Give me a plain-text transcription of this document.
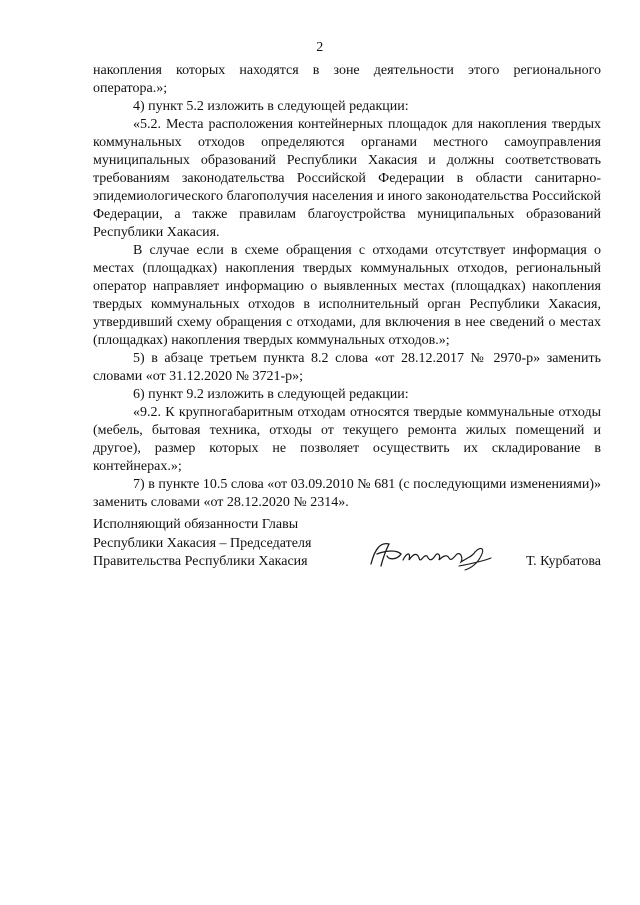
2

накопления которых находятся в зоне деятельности этого регионального оператора.»;

4) пункт 5.2 изложить в следующей редакции:

«5.2. Места расположения контейнерных площадок для накопления твердых коммунальных отходов определяются органами местного самоуправления муниципальных образований Республики Хакасия и должны соответствовать требованиям законодательства Российской Федерации в области санитарно-эпидемиологического благополучия населения и иного законодательства Российской Федерации, а также правилам благоустройства муниципальных образований Республики Хакасия.

В случае если в схеме обращения с отходами отсутствует информация о местах (площадках) накопления твердых коммунальных отходов, региональный оператор направляет информацию о выявленных местах (площадках) накопления твердых коммунальных отходов в исполнительный орган Республики Хакасия, утвердивший схему обращения с отходами, для включения в нее сведений о местах (площадках) накопления твердых коммунальных отходов.»;

5) в абзаце третьем пункта 8.2 слова «от 28.12.2017 № 2970-р» заменить словами «от 31.12.2020 № 3721-р»;

6) пункт 9.2 изложить в следующей редакции:

«9.2. К крупногабаритным отходам относятся твердые коммунальные отходы (мебель, бытовая техника, отходы от текущего ремонта жилых помещений и другое), размер которых не позволяет осуществить их складирование в контейнерах.»;

7) в пункте 10.5 слова «от 03.09.2010 № 681 (с последующими изменениями)» заменить словами «от 28.12.2020 № 2314».

Исполняющий обязанности Главы
Республики Хакасия – Председателя
Правительства Республики Хакасия	Т. Курбатова
